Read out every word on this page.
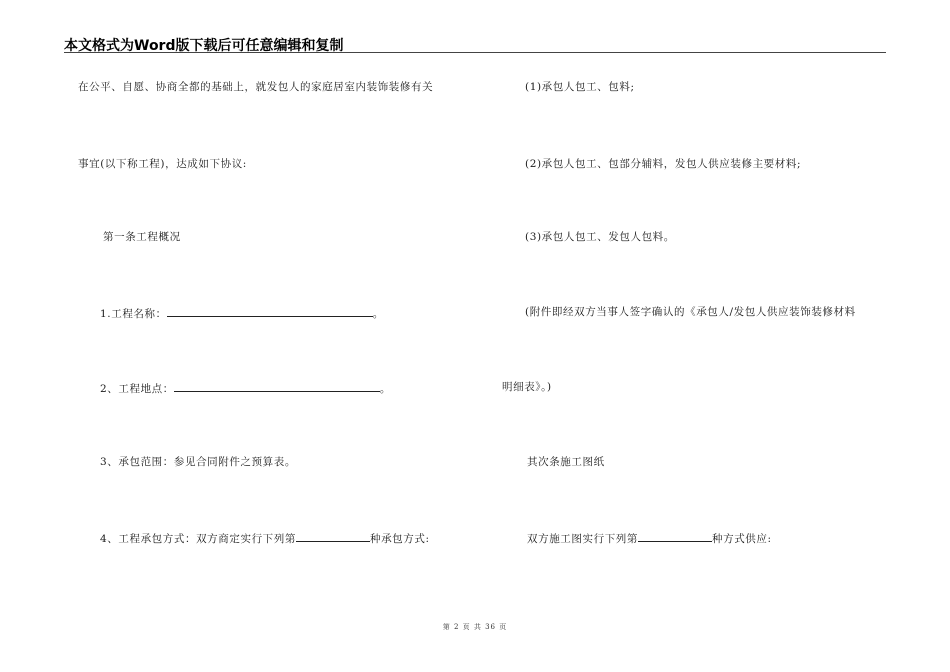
本文格式为Word版下载后可任意编辑和复制
在公平、自愿、协商全都的基础上，就发包人的家庭居室内装饰装修有关
事宜(以下称工程)，达成如下协议:
第一条工程概况
1.工程名称：	。
2、工程地点：	。
3、承包范围：参见合同附件之预算表。
4、工程承包方式：双方商定实行下列第	种承包方式:
(1)承包人包工、包料;
(2)承包人包工、包部分辅料，发包人供应装修主要材料;
(3)承包人包工、发包人包料。
(附件即经双方当事人签字确认的《承包人/发包人供应装饰装修材料
明细表》。)
其次条施工图纸
双方施工图实行下列第	种方式供应:
第 2 页 共 36 页
